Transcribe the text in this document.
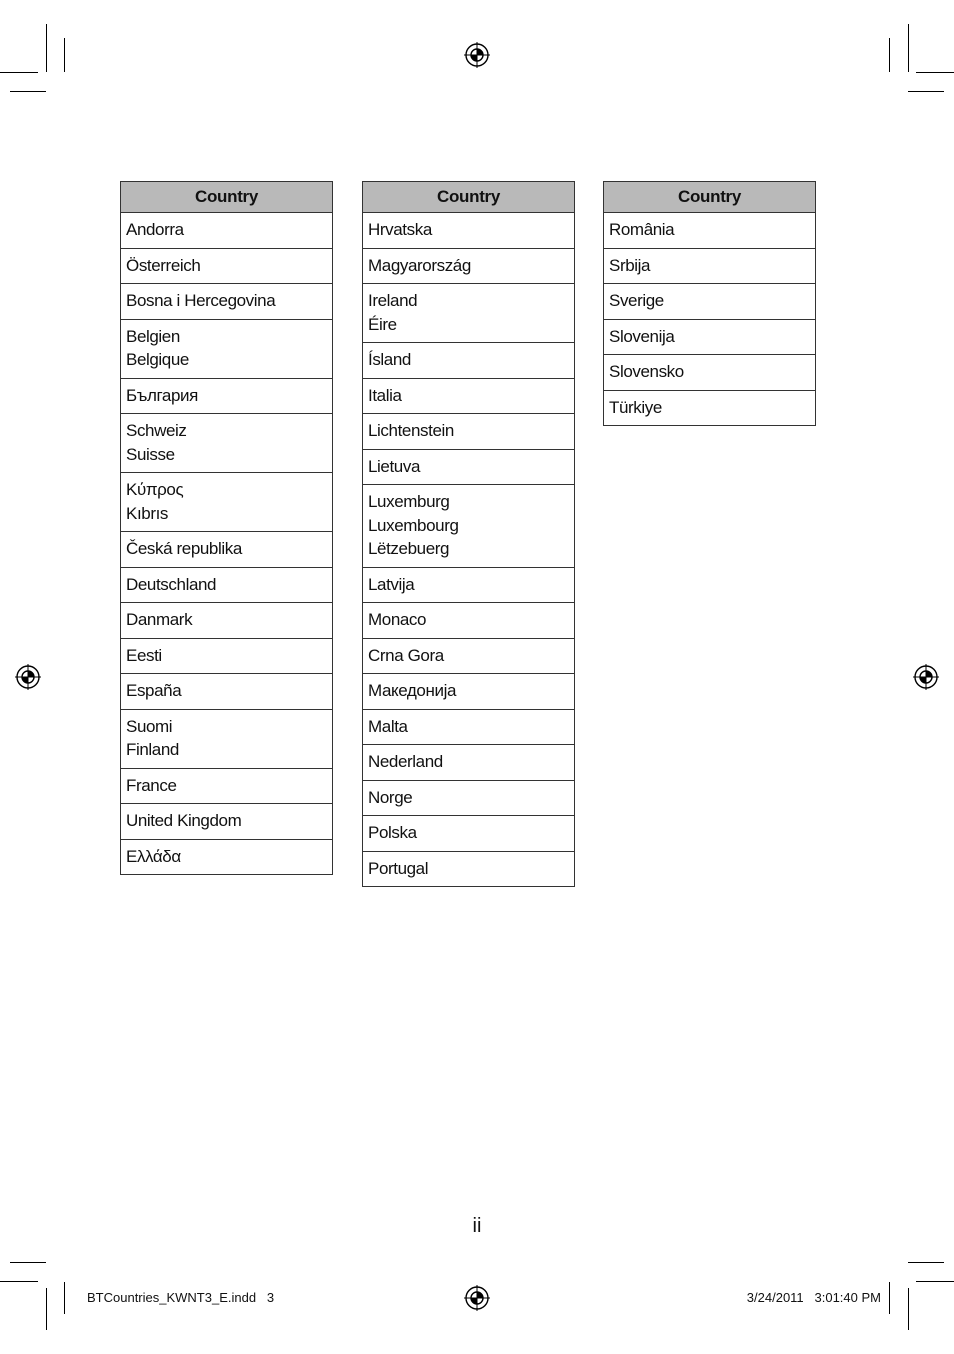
Country
Andorra
Österreich
Bosna i Hercegovina
Belgien
Belgique
България
Schweiz
Suisse
Κύπρος
Kıbrıs
Česká republika
Deutschland
Danmark
Eesti
España
Suomi
Finland
France
United Kingdom
Ελλάδα
Country
Hrvatska
Magyarország
Ireland
Éire
Ísland
Italia
Lichtenstein
Lietuva
Luxemburg
Luxembourg
Lëtzebuerg
Latvija
Monaco
Crna Gora
Македонија
Malta
Nederland
Norge
Polska
Portugal
Country
România
Srbija
Sverige
Slovenija
Slovensko
Türkiye
ii
BTCountries_KWNT3_E.indd   3	3/24/2011   3:01:40 PM
